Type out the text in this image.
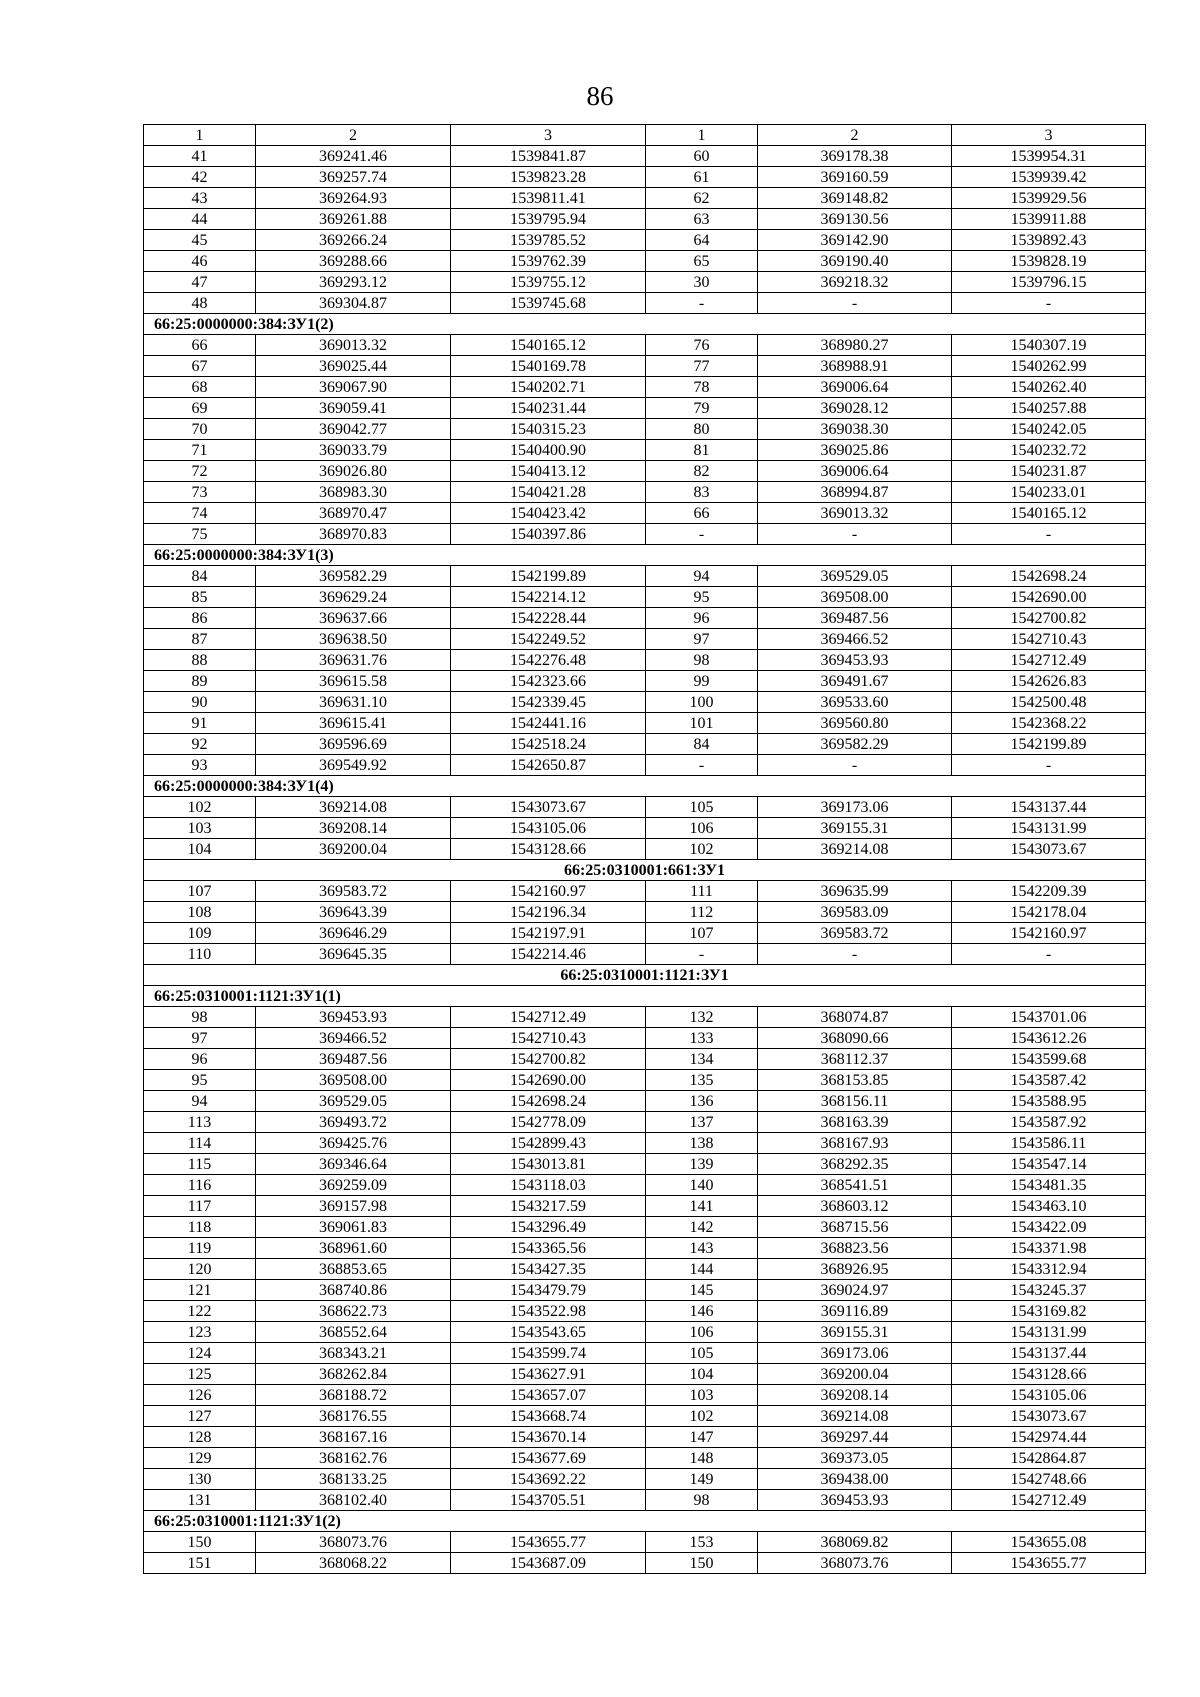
86
1	2	3	1	2	3
41	369241.46	1539841.87	60	369178.38	1539954.31
42	369257.74	1539823.28	61	369160.59	1539939.42
43	369264.93	1539811.41	62	369148.82	1539929.56
44	369261.88	1539795.94	63	369130.56	1539911.88
45	369266.24	1539785.52	64	369142.90	1539892.43
46	369288.66	1539762.39	65	369190.40	1539828.19
47	369293.12	1539755.12	30	369218.32	1539796.15
48	369304.87	1539745.68	-	-	-
66:25:0000000:384:ЗУ1(2)					
66	369013.32	1540165.12	76	368980.27	1540307.19
67	369025.44	1540169.78	77	368988.91	1540262.99
68	369067.90	1540202.71	78	369006.64	1540262.40
69	369059.41	1540231.44	79	369028.12	1540257.88
70	369042.77	1540315.23	80	369038.30	1540242.05
71	369033.79	1540400.90	81	369025.86	1540232.72
72	369026.80	1540413.12	82	369006.64	1540231.87
73	368983.30	1540421.28	83	368994.87	1540233.01
74	368970.47	1540423.42	66	369013.32	1540165.12
75	368970.83	1540397.86	-	-	-
66:25:0000000:384:ЗУ1(3)					
84	369582.29	1542199.89	94	369529.05	1542698.24
85	369629.24	1542214.12	95	369508.00	1542690.00
86	369637.66	1542228.44	96	369487.56	1542700.82
87	369638.50	1542249.52	97	369466.52	1542710.43
88	369631.76	1542276.48	98	369453.93	1542712.49
89	369615.58	1542323.66	99	369491.67	1542626.83
90	369631.10	1542339.45	100	369533.60	1542500.48
91	369615.41	1542441.16	101	369560.80	1542368.22
92	369596.69	1542518.24	84	369582.29	1542199.89
93	369549.92	1542650.87	-	-	-
66:25:0000000:384:ЗУ1(4)					
102	369214.08	1543073.67	105	369173.06	1543137.44
103	369208.14	1543105.06	106	369155.31	1543131.99
104	369200.04	1543128.66	102	369214.08	1543073.67
66:25:0310001:661:ЗУ1					
107	369583.72	1542160.97	111	369635.99	1542209.39
108	369643.39	1542196.34	112	369583.09	1542178.04
109	369646.29	1542197.91	107	369583.72	1542160.97
110	369645.35	1542214.46	-	-	-
66:25:0310001:1121:ЗУ1					
66:25:0310001:1121:ЗУ1(1)					
98	369453.93	1542712.49	132	368074.87	1543701.06
97	369466.52	1542710.43	133	368090.66	1543612.26
96	369487.56	1542700.82	134	368112.37	1543599.68
95	369508.00	1542690.00	135	368153.85	1543587.42
94	369529.05	1542698.24	136	368156.11	1543588.95
113	369493.72	1542778.09	137	368163.39	1543587.92
114	369425.76	1542899.43	138	368167.93	1543586.11
115	369346.64	1543013.81	139	368292.35	1543547.14
116	369259.09	1543118.03	140	368541.51	1543481.35
117	369157.98	1543217.59	141	368603.12	1543463.10
118	369061.83	1543296.49	142	368715.56	1543422.09
119	368961.60	1543365.56	143	368823.56	1543371.98
120	368853.65	1543427.35	144	368926.95	1543312.94
121	368740.86	1543479.79	145	369024.97	1543245.37
122	368622.73	1543522.98	146	369116.89	1543169.82
123	368552.64	1543543.65	106	369155.31	1543131.99
124	368343.21	1543599.74	105	369173.06	1543137.44
125	368262.84	1543627.91	104	369200.04	1543128.66
126	368188.72	1543657.07	103	369208.14	1543105.06
127	368176.55	1543668.74	102	369214.08	1543073.67
128	368167.16	1543670.14	147	369297.44	1542974.44
129	368162.76	1543677.69	148	369373.05	1542864.87
130	368133.25	1543692.22	149	369438.00	1542748.66
131	368102.40	1543705.51	98	369453.93	1542712.49
66:25:0310001:1121:ЗУ1(2)					
150	368073.76	1543655.77	153	368069.82	1543655.08
151	368068.22	1543687.09	150	368073.76	1543655.77
